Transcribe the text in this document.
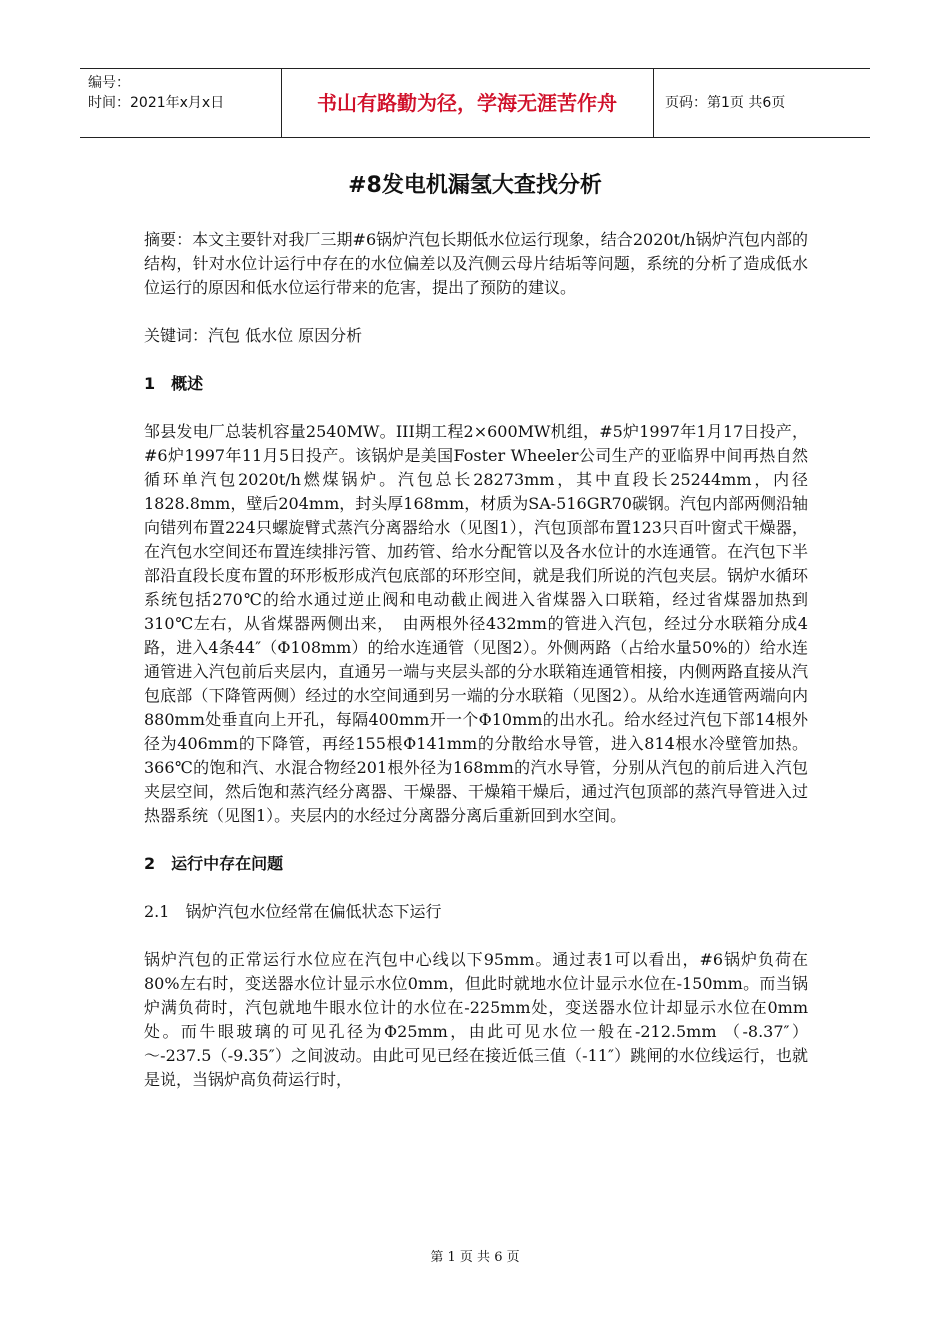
编号：
时间：2021年x月x日	书山有路勤为径，学海无涯苦作舟	页码：第1页 共6页
#8发电机漏氢大查找分析

摘要：本文主要针对我厂三期#6锅炉汽包长期低水位运行现象，结合2020t/h锅炉汽包内部的结构，针对水位计运行中存在的水位偏差以及汽侧云母片结垢等问题，系统的分析了造成低水位运行的原因和低水位运行带来的危害，提出了预防的建议。

关键词：汽包 低水位 原因分析

1　概述

邹县发电厂总装机容量2540MW。III期工程2×600MW机组，#5炉1997年1月17日投产，#6炉1997年11月5日投产。该锅炉是美国Foster Wheeler公司生产的亚临界中间再热自然循环单汽包2020t/h燃煤锅炉。汽包总长28273mm，其中直段长25244mm，内径1828.8mm，壁后204mm，封头厚168mm，材质为SA-516GR70碳钢。汽包内部两侧沿轴向错列布置224只螺旋臂式蒸汽分离器给水（见图1），汽包顶部布置123只百叶窗式干燥器，在汽包水空间还布置连续排污管、加药管、给水分配管以及各水位计的水连通管。在汽包下半部沿直段长度布置的环形板形成汽包底部的环形空间，就是我们所说的汽包夹层。锅炉水循环系统包括270℃的给水通过逆止阀和电动截止阀进入省煤器入口联箱，经过省煤器加热到310℃左右，从省煤器两侧出来，　由两根外径432mm的管进入汽包，经过分水联箱分成4路，进入4条44″（Φ108mm）的给水连通管（见图2）。外侧两路（占给水量50%的）给水连通管进入汽包前后夹层内，直通另一端与夹层头部的分水联箱连通管相接，内侧两路直接从汽包底部（下降管两侧）经过的水空间通到另一端的分水联箱（见图2）。从给水连通管两端向内880mm处垂直向上开孔，每隔400mm开一个Φ10mm的出水孔。给水经过汽包下部14根外径为406mm的下降管，再经155根Φ141mm的分散给水导管，进入814根水冷壁管加热。366℃的饱和汽、水混合物经201根外径为168mm的汽水导管，分别从汽包的前后进入汽包夹层空间，然后饱和蒸汽经分离器、干燥器、干燥箱干燥后，通过汽包顶部的蒸汽导管进入过热器系统（见图1）。夹层内的水经过分离器分离后重新回到水空间。

2　运行中存在问题
2.1　锅炉汽包水位经常在偏低状态下运行

锅炉汽包的正常运行水位应在汽包中心线以下95mm。通过表1可以看出，#6锅炉负荷在80%左右时，变送器水位计显示水位0mm，但此时就地水位计显示水位在-150mm。而当锅炉满负荷时，汽包就地牛眼水位计的水位在-225mm处，变送器水位计却显示水位在0mm处。而牛眼玻璃的可见孔径为Φ25mm，由此可见水位一般在-212.5mm （-8.37″）～-237.5（-9.35″）之间波动。由此可见已经在接近低三值（-11″）跳闸的水位线运行，也就是说，当锅炉高负荷运行时，

第 1 页 共 6 页
